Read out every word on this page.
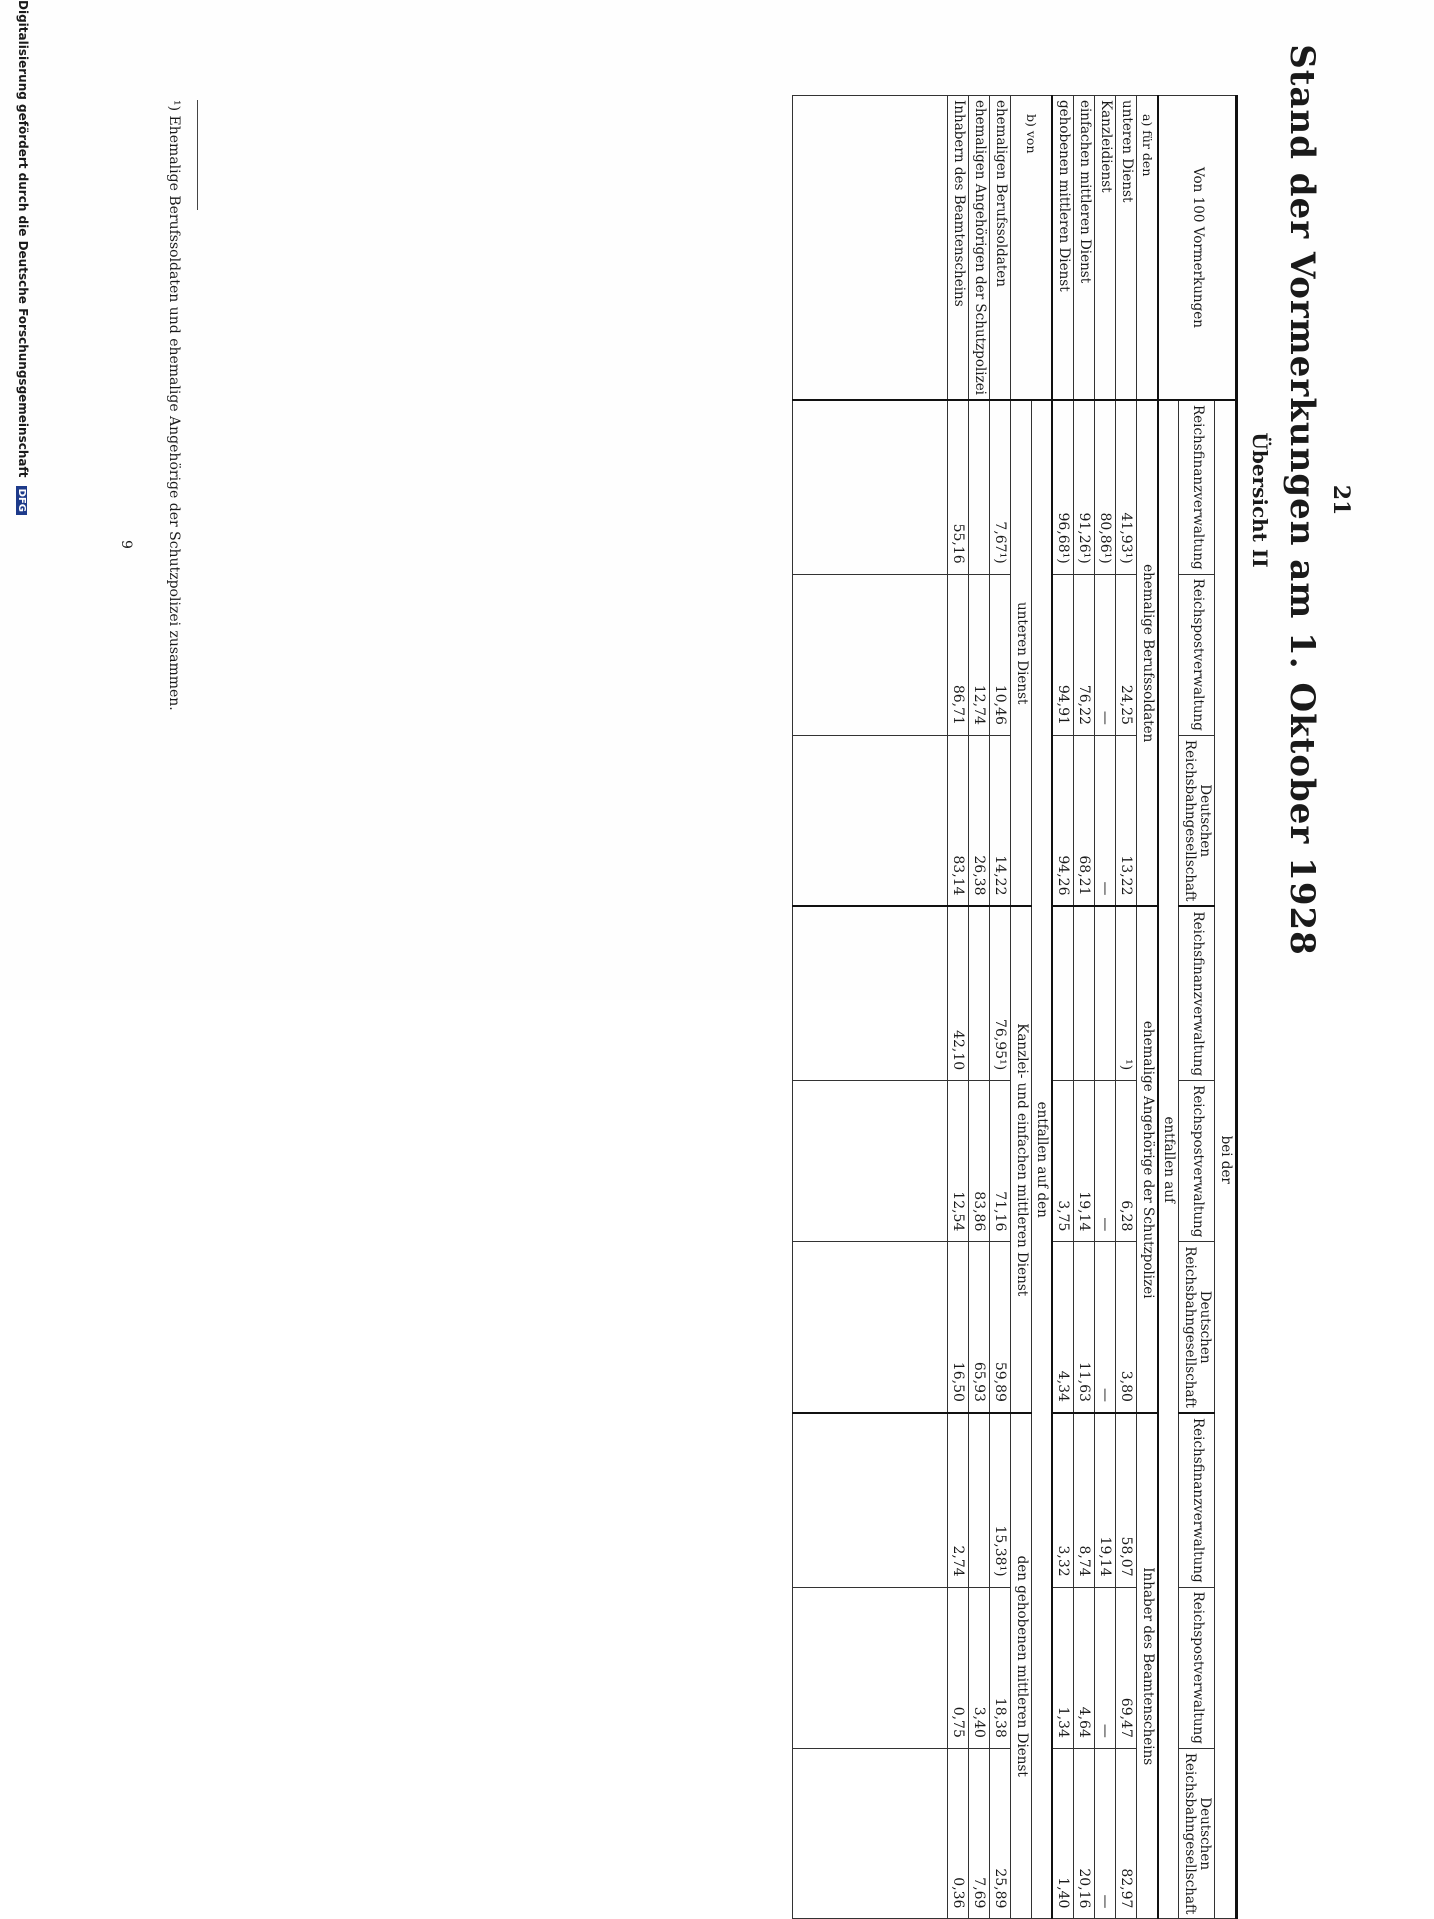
21
Stand der Vormerkungen am 1. Oktober 1928
Übersicht II
Von 100 Vormerkungen	bei der								
	Reichsfinanzverwaltung	Reichspostverwaltung	Deutschen Reichsbahngesellschaft	Reichsfinanzverwaltung	Reichspostverwaltung	Deutschen Reichsbahngesellschaft	Reichsfinanzverwaltung	Reichspostverwaltung	Deutschen Reichsbahngesellschaft
	entfallen auf								
a) für den	ehemalige Berufssoldaten			ehemalige Angehörige der Schutzpolizei			Inhaber des Beamtenscheins		
unteren Dienst	41,93¹)	24,25	13,22	¹)	6,28	3,80	58,07	69,47	82,97
Kanzleidienst	80,86¹)	—	—		—	—	19,14	—	—
einfachen mittleren Dienst	91,26¹)	76,22	68,21		19,14	11,63	8,74	4,64	20,16
gehobenen mittleren Dienst	96,68¹)	94,91	94,26		3,75	4,34	3,32	1,34	1,40
b) von	entfallen auf den								
	unteren Dienst			Kanzlei- und einfachen mittleren Dienst			den gehobenen mittleren Dienst		
ehemaligen Berufssoldaten	7,67¹)	10,46	14,22	76,95¹)	71,16	59,89	15,38¹)	18,38	25,89
ehemaligen Angehörigen der Schutzpolizei		12,74	26,38		83,86	65,93		3,40	7,69
Inhabern des Beamtenscheins	55,16	86,71	83,14	42,10	12,54	16,50	2,74	0,75	0,36

¹) Ehemalige Berufssoldaten und ehemalige Angehörige der Schutzpolizei zusammen.
9
Digitalisierung gefördert durch die Deutsche Forschungsgemeinschaft DFG
